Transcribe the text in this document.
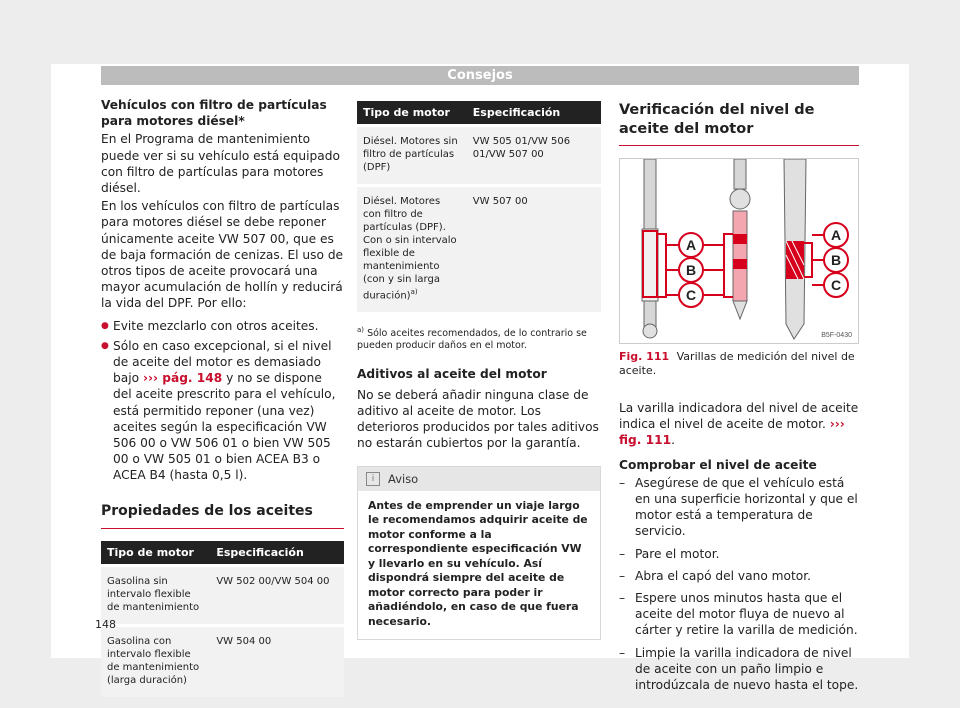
Consejos

Vehículos con filtro de partículas para motores diésel*

En el Programa de mantenimiento puede ver si su vehículo está equipado con filtro de partículas para motores diésel.

En los vehículos con filtro de partículas para motores diésel se debe reponer únicamente aceite VW 507 00, que es de baja formación de cenizas. El uso de otros tipos de aceite provocará una mayor acumulación de hollín y reducirá la vida del DPF. Por ello:

● Evite mezclarlo con otros aceites.
● Sólo en caso excepcional, si el nivel de aceite del motor es demasiado bajo ››› pág. 148 y no se dispone del aceite prescrito para el vehículo, está permitido reponer (una vez) aceites según la especificación VW 506 00 o VW 506 01 o bien VW 505 00 o VW 505 01 o bien ACEA B3 o ACEA B4 (hasta 0,5 l).
Propiedades de los aceites
Tipo de motor	Especificación
Gasolina sin intervalo flexible de mantenimiento	VW 502 00/VW 504 00
Gasolina con intervalo flexible de mantenimiento (larga duración)	VW 504 00
Tipo de motor	Especificación
Diésel. Motores sin filtro de partículas (DPF)	VW 505 01/VW 506 01/VW 507 00
Diésel. Motores con filtro de partículas (DPF). Con o sin intervalo flexible de mantenimiento (con y sin larga duración)$^{a)}$	VW 507 00
$^{a)}$ Sólo aceites recomendados, de lo contrario se pueden producir daños en el motor.

Aditivos al aceite del motor

No se deberá añadir ninguna clase de aditivo al aceite de motor. Los deterioros producidos por tales aditivos no estarán cubiertos por la garantía.

i	Aviso
Antes de emprender un viaje largo le recomendamos adquirir aceite de motor conforme a la correspondiente especificación VW y llevarlo en su vehículo. Así dispondrá siempre del aceite de motor correcto para poder ir añadiéndolo, en caso de que fuera necesario.
Verificación del nivel de aceite del motor
A
B
C
A
B
C
B5F-0430
Fig. 111 Varillas de medición del nivel de aceite.

La varilla indicadora del nivel de aceite indica el nivel de aceite de motor. ››› fig. 111.

Comprobar el nivel de aceite

– Asegúrese de que el vehículo está en una superficie horizontal y que el motor está a temperatura de servicio.
– Pare el motor.
– Abra el capó del vano motor.
– Espere unos minutos hasta que el aceite del motor fluya de nuevo al cárter y retire la varilla de medición.
– Limpie la varilla indicadora de nivel de aceite con un paño limpio e introdúzcala de nuevo hasta el tope.
148
